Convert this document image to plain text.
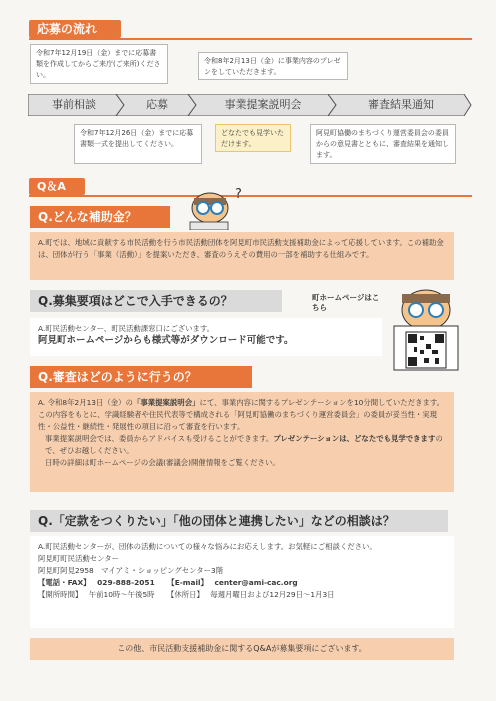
応募の流れ
令和7年12月19日（金）までに応募書類を作成してからご来庁(ご来所)ください。
令和8年2月13日（金）に事業内容のプレゼンをしていただきます。
事前相談	応募	事業提案説明会	審査結果通知
令和7年12月26日（金）までに応募書類一式を提出してください。
どなたでも見学いただけます。
阿見町協働のまちづくり運営委員会の委員からの意見書とともに、審査結果を通知します。
Q＆A
?
Q.どんな補助金？
A.町では、地域に貢献する市民活動を行う市民活動団体を阿見町市民活動支援補助金によって応援しています。この補助金は、団体が行う「事業（活動）」を提案いただき、審査のうえその費用の一部を補助する仕組みです。
Q.募集要項はどこで入手できるの？	町ホームページはこちら
A.町民活動センター、町民活動課窓口にございます。
阿見町ホームページからも様式等がダウンロード可能です。
Q.審査はどのように行うの？
A. 令和8年2月13日（金）の「事業提案説明会」にて、事業内容に関するプレゼンテーションを10分間していただきます。この内容をもとに、学識経験者や住民代表等で構成される「阿見町協働のまちづくり運営委員会」の委員が妥当性・実現性・公益性・継続性・発展性の項目に沿って審査を行います。
事業提案説明会では、委員からアドバイスも受けることができます。プレゼンテーションは、どなたでも見学できますので、ぜひお越しください。
日時の詳細は町ホームページの会議(審議会)開催情報をご覧ください。
Q.「定款をつくりたい」「他の団体と連携したい」などの相談は？
A.町民活動センターが、団体の活動についての様々な悩みにお応えします。お気軽にご相談ください。
阿見町町民活動センター
阿見町阿見2958　マイアミ・ショッピングセンター3階
【電話・FAX】 029-888-2051 【E-mail】 center@ami-cac.org
【開所時間】 午前10時～午後5時 【休所日】 毎週月曜日および12月29日～1月3日
この他、市民活動支援補助金に関するQ&Aが募集要項にございます。
